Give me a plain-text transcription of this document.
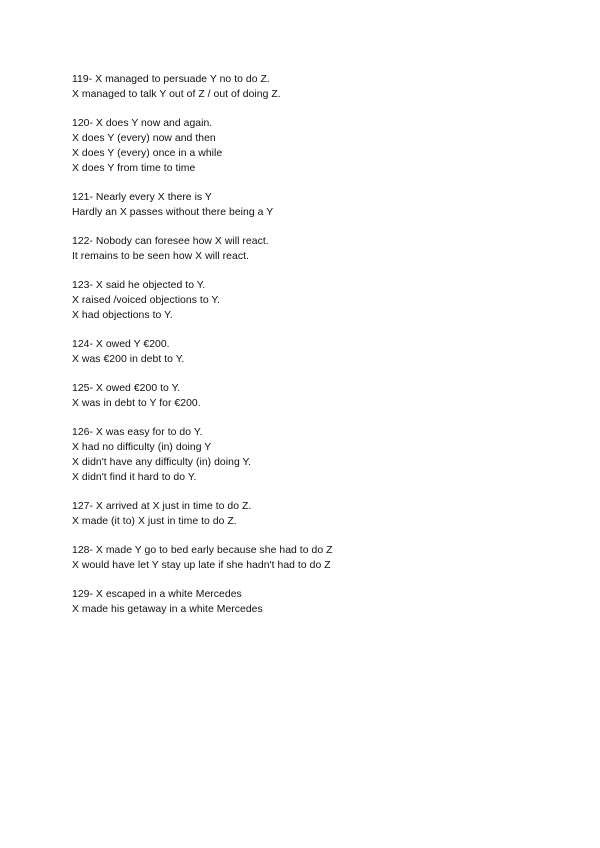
119- X managed to persuade Y no to do Z.
X managed to talk Y out of Z / out of doing Z.
120- X does Y now and again.
X does Y (every) now and then
X does Y (every) once in a while
X does Y from time to time
121- Nearly every X there is Y
Hardly an X passes without there being a Y
122- Nobody can foresee how X will react.
It remains to be seen how X will react.
123- X said he objected to Y.
X raised /voiced objections to Y.
X had objections to Y.
124- X owed Y €200.
X was €200 in debt to Y.
125- X owed €200 to Y.
X was in debt to Y for €200.
126- X was easy for to do Y.
X had no difficulty (in) doing Y
X didn't have any difficulty (in) doing Y.
X didn't find it hard to do Y.
127- X arrived at X just in time to do Z.
X made (it to) X just in time to do Z.
128- X made Y go to bed early because she had to do Z
X would have let Y stay up late if she hadn't had to do Z
129- X escaped in a white Mercedes
X made his getaway in a white Mercedes
